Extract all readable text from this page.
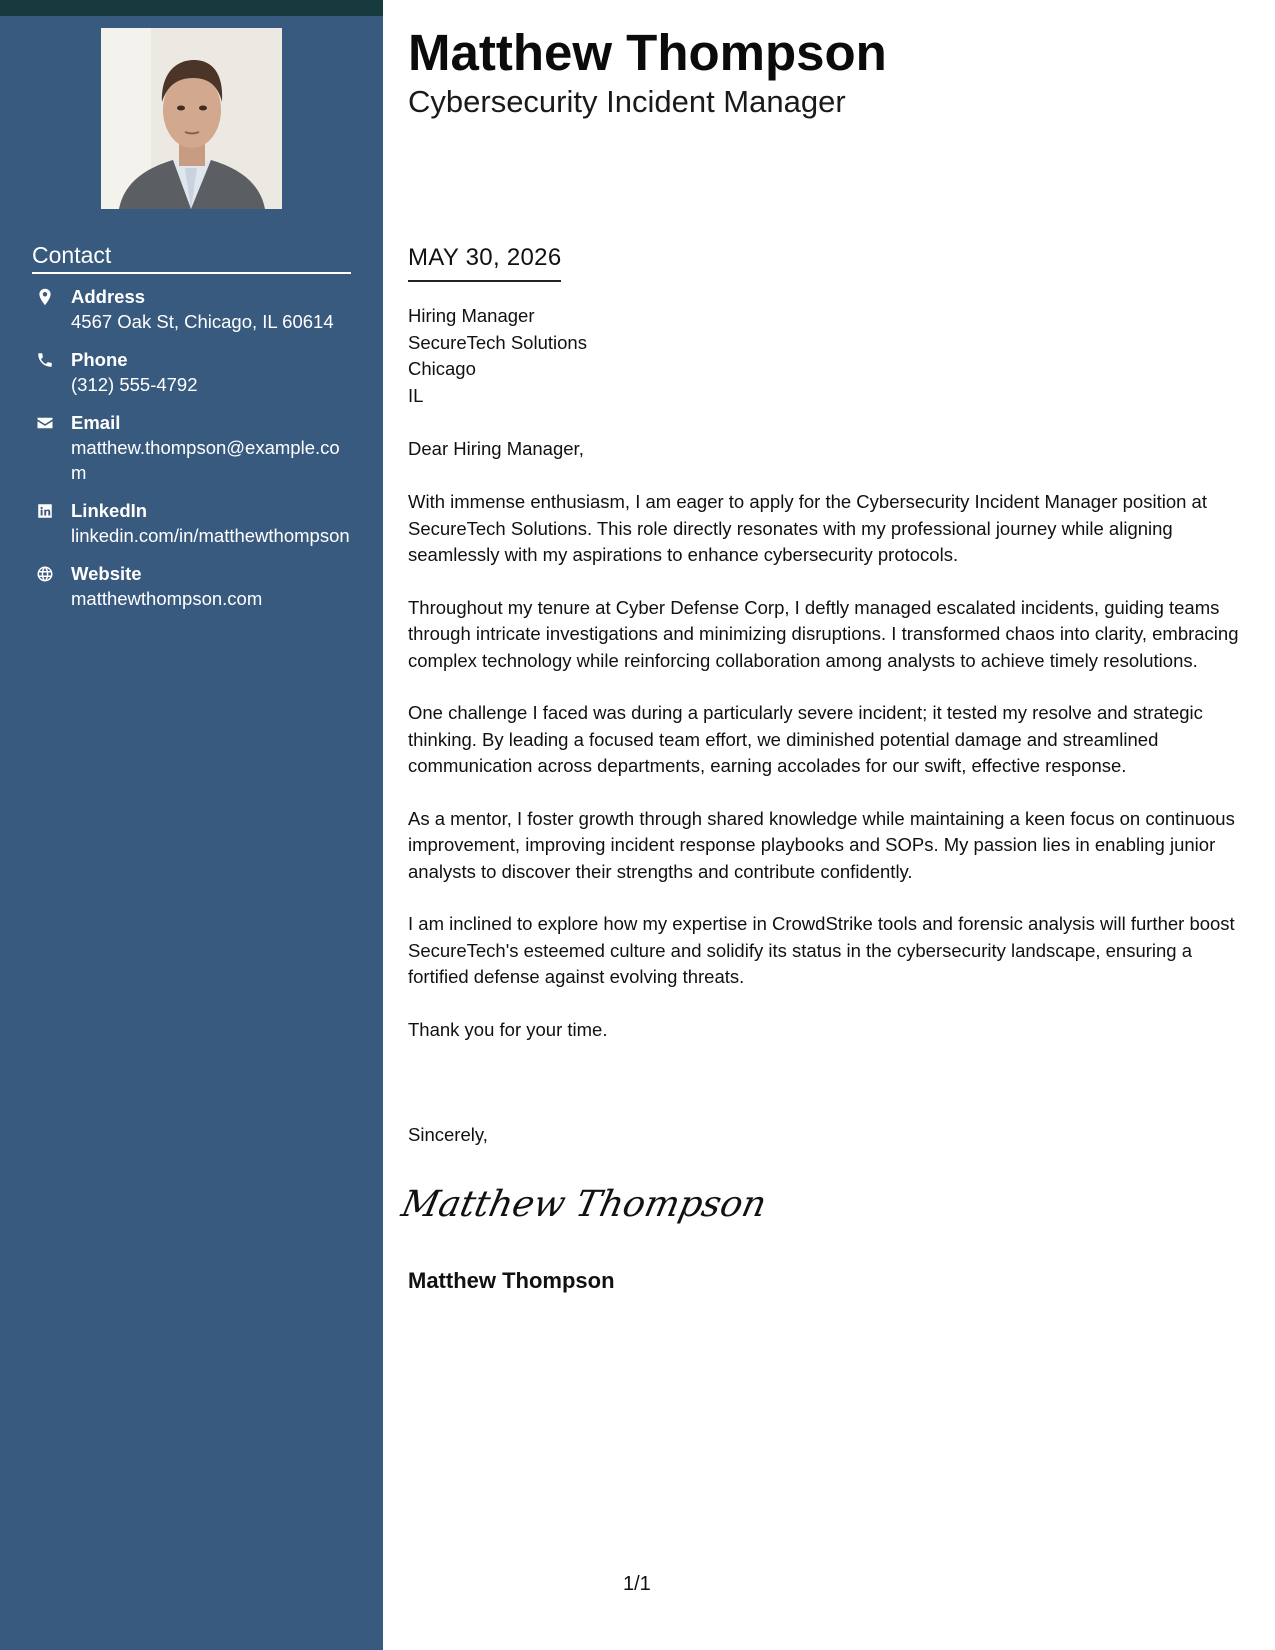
Contact
Address
4567 Oak St, Chicago, IL 60614
Phone
(312) 555-4792
Email
matthew.thompson@example.com
LinkedIn
linkedin.com/in/matthewthompson
Website
matthewthompson.com
Matthew Thompson
Cybersecurity Incident Manager
MAY 30, 2026
Hiring Manager
SecureTech Solutions
Chicago
IL
Dear Hiring Manager,

With immense enthusiasm, I am eager to apply for the Cybersecurity Incident Manager position at SecureTech Solutions. This role directly resonates with my professional journey while aligning seamlessly with my aspirations to enhance cybersecurity protocols.

Throughout my tenure at Cyber Defense Corp, I deftly managed escalated incidents, guiding teams through intricate investigations and minimizing disruptions. I transformed chaos into clarity, embracing complex technology while reinforcing collaboration among analysts to achieve timely resolutions.

One challenge I faced was during a particularly severe incident; it tested my resolve and strategic thinking. By leading a focused team effort, we diminished potential damage and streamlined communication across departments, earning accolades for our swift, effective response.

As a mentor, I foster growth through shared knowledge while maintaining a keen focus on continuous improvement, improving incident response playbooks and SOPs. My passion lies in enabling junior analysts to discover their strengths and contribute confidently.

I am inclined to explore how my expertise in CrowdStrike tools and forensic analysis will further boost SecureTech's esteemed culture and solidify its status in the cybersecurity landscape, ensuring a fortified defense against evolving threats.

Thank you for your time.

Sincerely,
Matthew Thompson
Matthew Thompson
1/1
